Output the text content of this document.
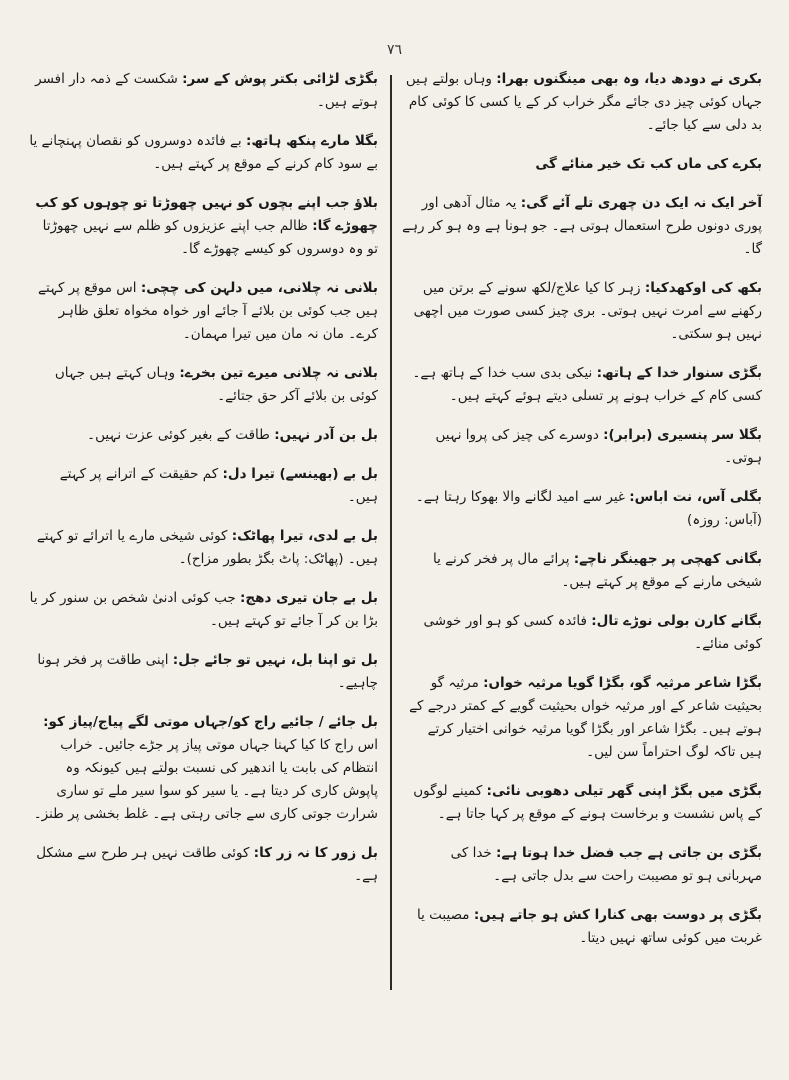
٧٦
بکری نے دودھ دیا، وہ بھی مینگنوں بھرا: وہاں بولتے ہیں جہاں کوئی چیز دی جائے مگر خراب کر کے یا کسی کا کوئی کام بد دلی سے کیا جائے۔
بکرے کی ماں کب تک خیر منائے گی
آخر ایک نہ ایک دن چھری تلے آئے گی: یہ مثال آدھی اور پوری دونوں طرح استعمال ہوتی ہے۔ جو ہونا ہے وہ ہو کر رہے گا۔
بکھ کی اوکھدکیا: زہر کا کیا علاج/لکھ سونے کے برتن میں رکھنے سے امرت نہیں ہوتی۔ بری چیز کسی صورت میں اچھی نہیں ہو سکتی۔
بگڑی سنوار خدا کے ہاتھ: نیکی بدی سب خدا کے ہاتھ ہے۔ کسی کام کے خراب ہونے پر تسلی دیتے ہوئے کہتے ہیں۔
بگلا سر پنسیری (برابر): دوسرے کی چیز کی پروا نہیں ہوتی۔
بگلی آس، نت اباس: غیر سے امید لگانے والا بھوکا رہتا ہے۔ (آباس: روزہ)
بگانی کھچی پر جھینگر ناچے: پرائے مال پر فخر کرنے یا شیخی مارنے کے موقع پر کہتے ہیں۔
بگانے کارن بولی نوڑے تال: فائدہ کسی کو ہو اور خوشی کوئی منائے۔
بگڑا شاعر مرثیہ گو، بگڑا گویا مرثیہ خواں: مرثیہ گو بحیثیت شاعر کے اور مرثیہ خواں بحیثیت گویے کے کمتر درجے کے ہوتے ہیں۔ بگڑا شاعر اور بگڑا گویا مرثیہ خوانی اختیار کرتے ہیں تاکہ لوگ احتراماً سن لیں۔
بگڑی میں بگڑ اپنی گھر تیلی دھوبی نائی: کمینے لوگوں کے پاس نشست و برخاست ہونے کے موقع پر کہا جاتا ہے۔
بگڑی بن جاتی ہے جب فضل خدا ہوتا ہے: خدا کی مہربانی ہو تو مصیبت راحت سے بدل جاتی ہے۔
بگڑی پر دوست بھی کنارا کش ہو جاتے ہیں: مصیبت یا غربت میں کوئی ساتھ نہیں دیتا۔
بگڑی لڑائی بکتر پوش کے سر: شکست کے ذمہ دار افسر ہوتے ہیں۔
بگلا مارے پنکھ ہاتھ: بے فائدہ دوسروں کو نقصان پہنچانے یا بے سود کام کرنے کے موقع پر کہتے ہیں۔
بلاؤ جب اپنے بچوں کو نہیں چھوڑتا تو چوہوں کو کب چھوڑے گا: ظالم جب اپنے عزیزوں کو ظلم سے نہیں چھوڑتا تو وہ دوسروں کو کیسے چھوڑے گا۔
بلانی نہ چلانی، میں دلہن کی چچی: اس موقع پر کہتے ہیں جب کوئی بن بلائے آ جائے اور خواہ مخواہ تعلق ظاہر کرے۔ مان نہ مان میں تیرا مہمان۔
بلانی نہ چلانی میرے تین بخرے: وہاں کہتے ہیں جہاں کوئی بن بلائے آکر حق جتائے۔
بل بن آدر نہیں: طاقت کے بغیر کوئی عزت نہیں۔
بل بے (بھینسے) تیرا دل: کم حقیقت کے اترانے پر کہتے ہیں۔
بل بے لدی، تیرا پھاٹک: کوئی شیخی مارے یا اترائے تو کہتے ہیں۔ (پھاٹک: پاٹ بگڑ بطور مزاح)۔
بل بے جان تیری دھج: جب کوئی ادنیٰ شخص بن سنور کر یا بڑا بن کر آ جائے تو کہتے ہیں۔
بل تو اپنا بل، نہیں تو جائے جل: اپنی طاقت پر فخر ہونا چاہیے۔
بل جائے / جائیے راج کو/جہاں موتی لگے پیاج/پیاز کو: اس راج کا کیا کہنا جہاں موتی پیاز پر جڑے جائیں۔ خراب انتظام کی بابت یا اندھیر کی نسبت بولتے ہیں کیونکہ وہ پاپوش کاری کر دیتا ہے۔ یا سیر کو سوا سیر ملے تو ساری شرارت جوتی کاری سے جاتی رہتی ہے۔ غلط بخشی پر طنز۔
بل زور کا نہ زر کا: کوئی طاقت نہیں ہر طرح سے مشکل ہے۔
